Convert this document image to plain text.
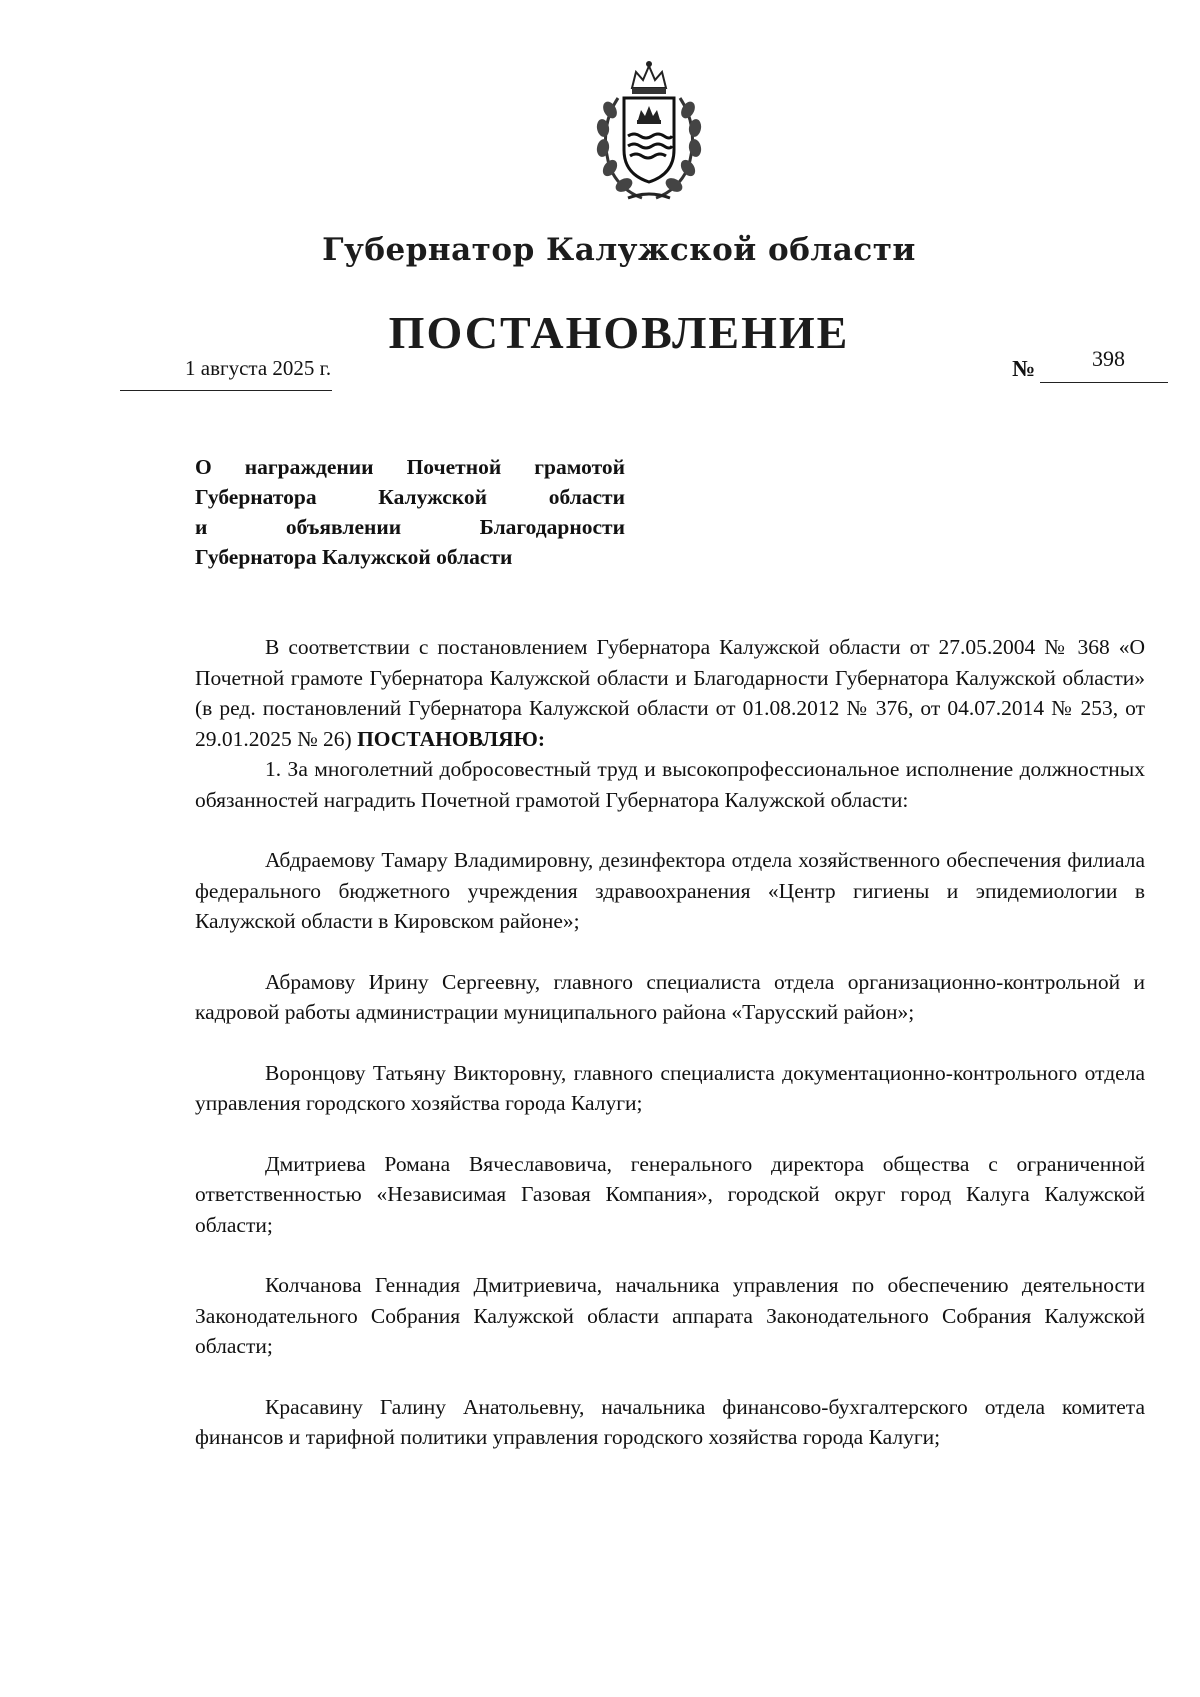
Губернатор Калужской области
ПОСТАНОВЛЕНИЕ
1 августа 2025 г.	№	398
О награждении Почетной грамотой
Губернатора Калужской области
и объявлении Благодарности
Губернатора Калужской области

В соответствии с постановлением Губернатора Калужской области от 27.05.2004 № 368 «О Почетной грамоте Губернатора Калужской области и Благодарности Губернатора Калужской области» (в ред. постановлений Губернатора Калужской области от 01.08.2012 № 376, от 04.07.2014 № 253, от 29.01.2025 № 26) ПОСТАНОВЛЯЮ:

1. За многолетний добросовестный труд и высокопрофессиональное исполнение должностных обязанностей наградить Почетной грамотой Губернатора Калужской области:

Абдраемову Тамару Владимировну, дезинфектора отдела хозяйственного обеспечения филиала федерального бюджетного учреждения здравоохранения «Центр гигиены и эпидемиологии в Калужской области в Кировском районе»;

Абрамову Ирину Сергеевну, главного специалиста отдела организационно-контрольной и кадровой работы администрации муниципального района «Тарусский район»;

Воронцову Татьяну Викторовну, главного специалиста документационно-контрольного отдела управления городского хозяйства города Калуги;

Дмитриева Романа Вячеславовича, генерального директора общества с ограниченной ответственностью «Независимая Газовая Компания», городской округ город Калуга Калужской области;

Колчанова Геннадия Дмитриевича, начальника управления по обеспечению деятельности Законодательного Собрания Калужской области аппарата Законодательного Собрания Калужской области;

Красавину Галину Анатольевну, начальника финансово-бухгалтерского отдела комитета финансов и тарифной политики управления городского хозяйства города Калуги;
